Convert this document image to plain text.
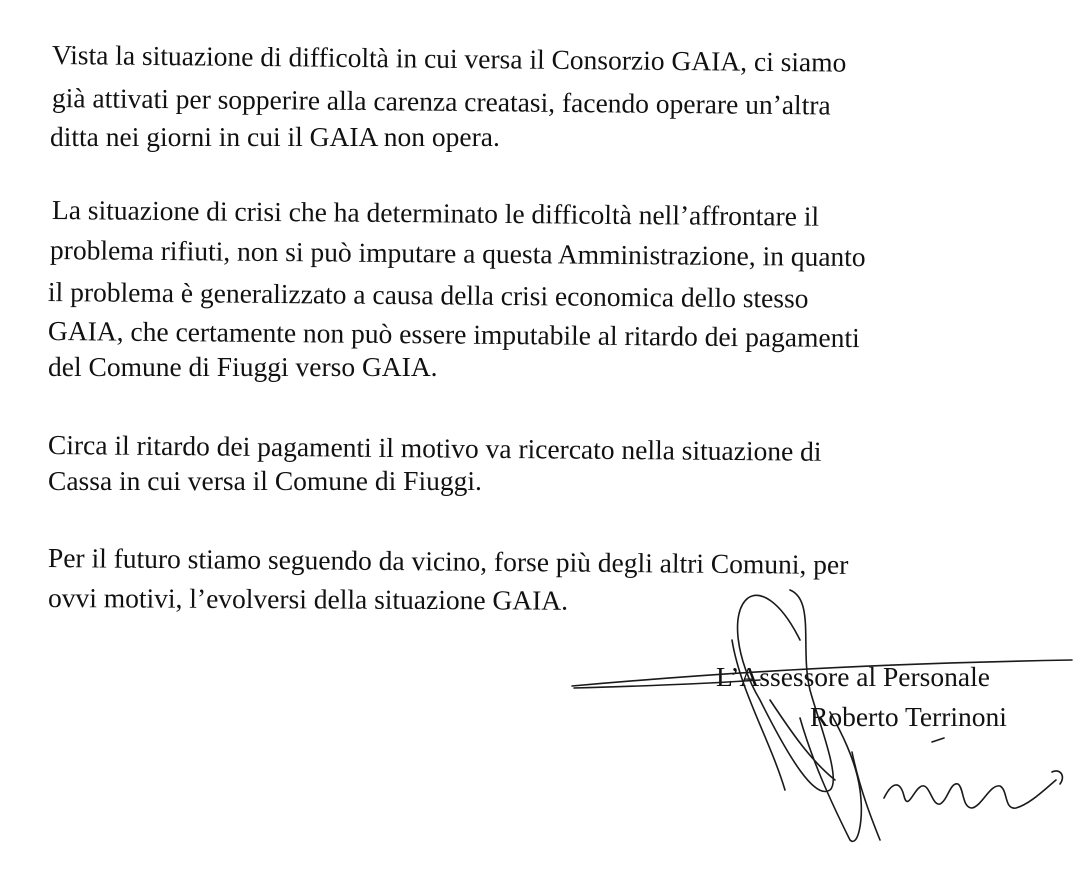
Vista la situazione di difficoltà in cui versa il Consorzio GAIA, ci siamo
già attivati per sopperire alla carenza creatasi, facendo operare un’altra
ditta nei giorni in cui il GAIA non opera.
La situazione di crisi che ha determinato le difficoltà nell’affrontare il
problema rifiuti, non si può imputare a questa Amministrazione, in quanto
il problema è generalizzato a causa della crisi economica dello stesso
GAIA, che certamente non può essere imputabile al ritardo dei pagamenti
del Comune di Fiuggi verso GAIA.
Circa il ritardo dei pagamenti il motivo va ricercato nella situazione di
Cassa in cui versa il Comune di Fiuggi.
Per il futuro stiamo seguendo da vicino, forse più degli altri Comuni, per
ovvi motivi, l’evolversi della situazione GAIA.
L’Assessore al Personale
Roberto Terrinoni
